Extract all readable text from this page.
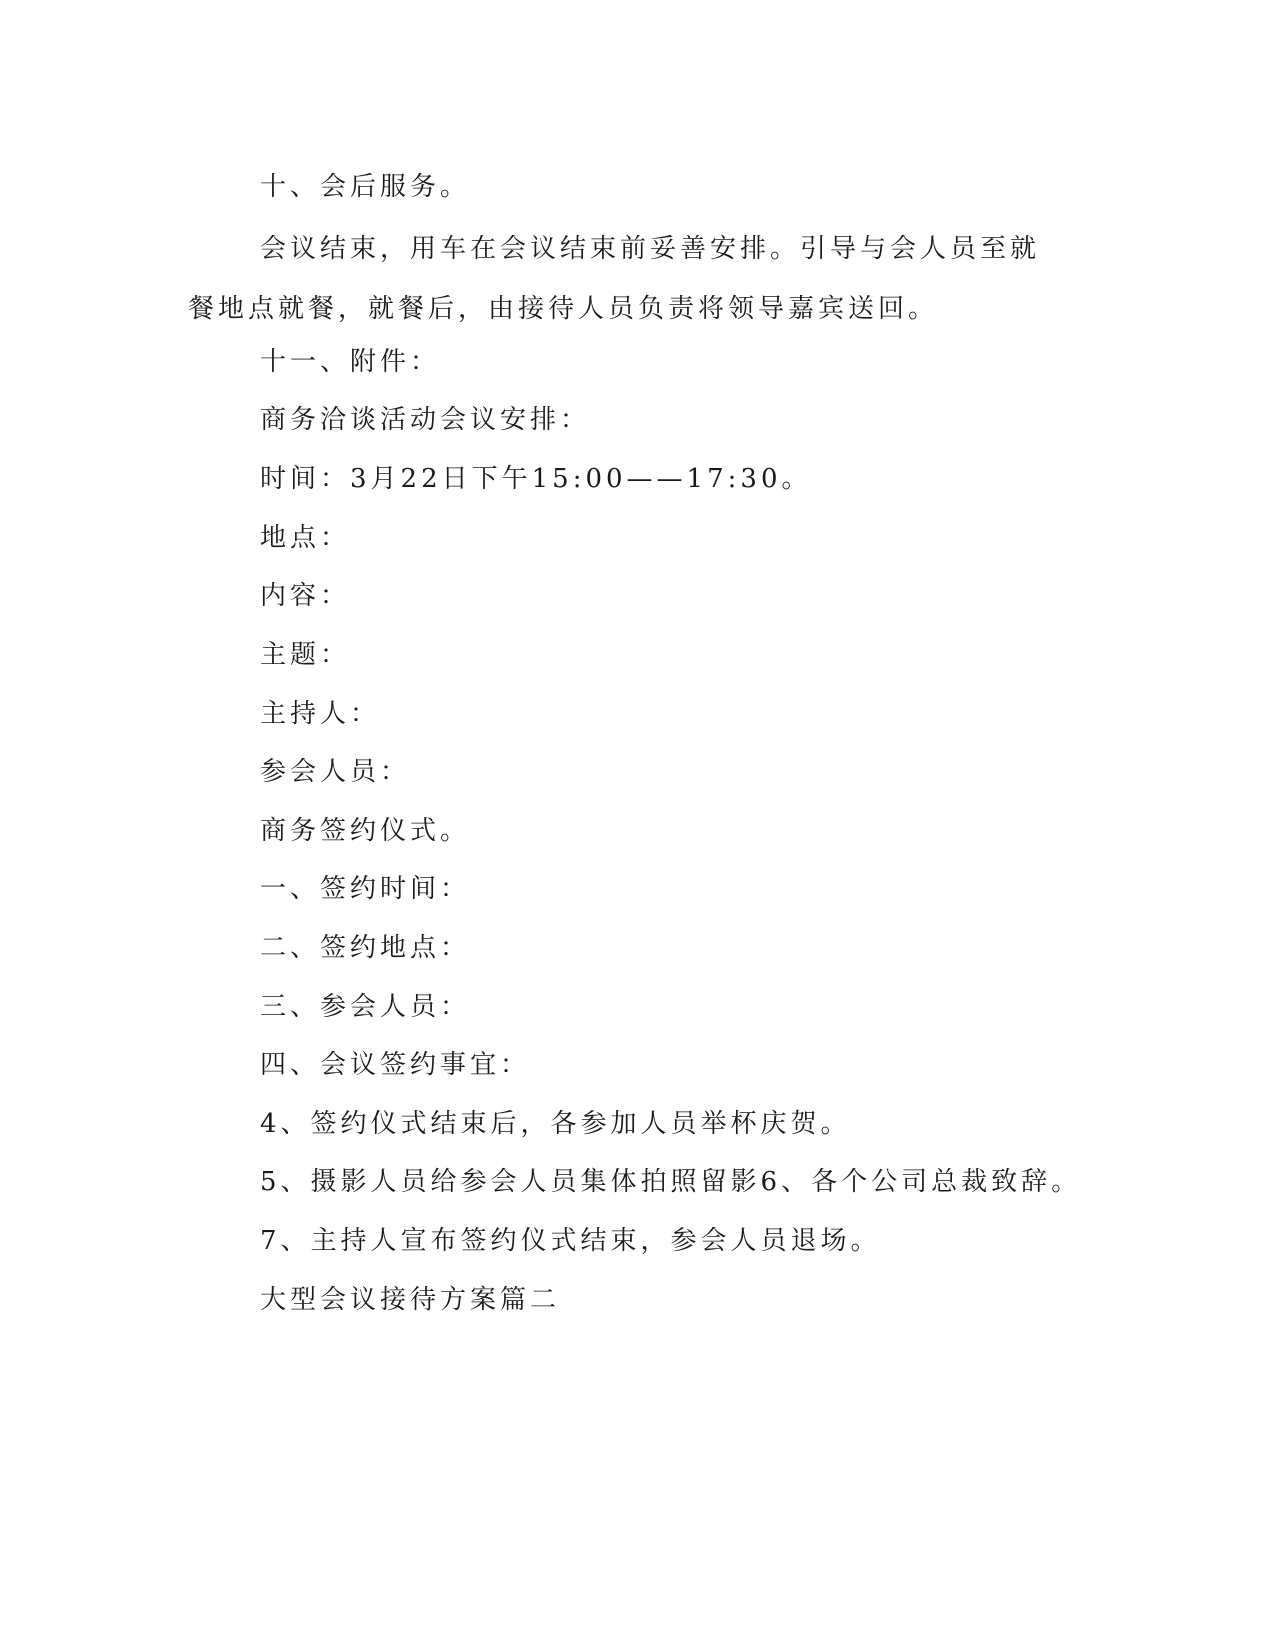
十、会后服务。

会议结束，用车在会议结束前妥善安排。引导与会人员至就餐地点就餐，就餐后，由接待人员负责将领导嘉宾送回。

十一、附件：

商务洽谈活动会议安排：

时间：3月22日下午15:00——17:30。

地点：

内容：

主题：

主持人：

参会人员：

商务签约仪式。

一、签约时间：

二、签约地点：

三、参会人员：

四、会议签约事宜：

4、签约仪式结束后，各参加人员举杯庆贺。

5、摄影人员给参会人员集体拍照留影6、各个公司总裁致辞。

7、主持人宣布签约仪式结束，参会人员退场。

大型会议接待方案篇二
